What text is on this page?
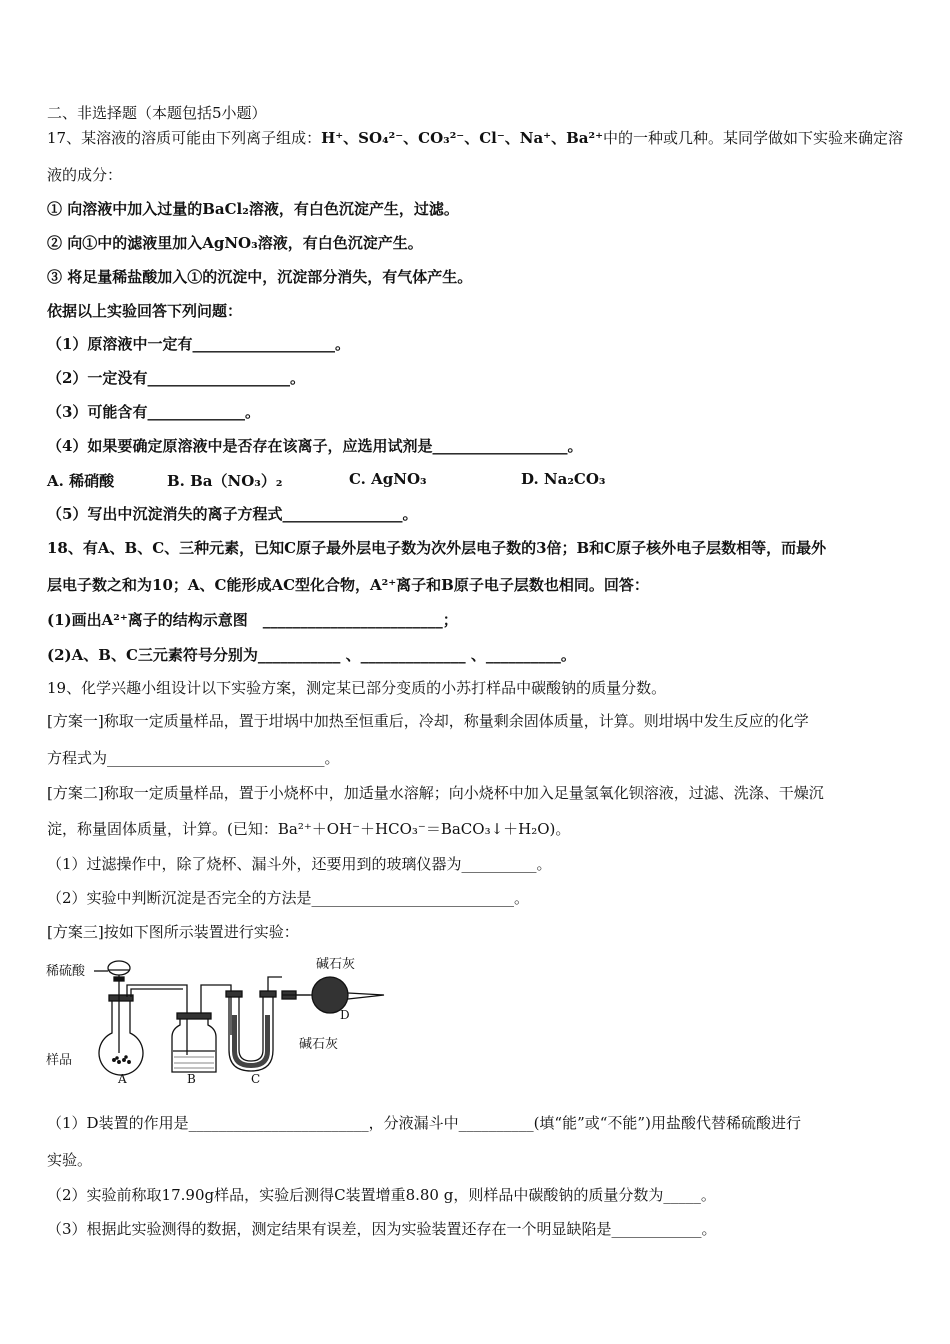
二、非选择题（本题包括5小题）
17、某溶液的溶质可能由下列离子组成：H⁺、SO₄²⁻、CO₃²⁻、Cl⁻、Na⁺、Ba²⁺中的一种或几种。某同学做如下实验来确定溶
液的成分：
① 向溶液中加入过量的BaCl₂溶液，有白色沉淀产生，过滤。
② 向①中的滤液里加入AgNO₃溶液，有白色沉淀产生。
③ 将足量稀盐酸加入①的沉淀中，沉淀部分消失，有气体产生。
依据以上实验回答下列问题：
（1）原溶液中一定有___________________。
（2）一定没有___________________。
（3）可能含有_____________。
（4）如果要确定原溶液中是否存在该离子，应选用试剂是__________________。
A. 稀硝酸	B. Ba（NO₃）₂	C. AgNO₃	D. Na₂CO₃
（5）写出中沉淀消失的离子方程式________________。
18、有A、B、C、三种元素，已知C原子最外层电子数为次外层电子数的3倍；B和C原子核外电子层数相等，而最外
层电子数之和为10；A、C能形成AC型化合物，A²⁺离子和B原子电子层数也相同。回答：
(1)画出A²⁺离子的结构示意图　________________________；
(2)A、B、C三元素符号分别为___________ 、______________ 、__________。
19、化学兴趣小组设计以下实验方案，测定某已部分变质的小苏打样品中碳酸钠的质量分数。
[方案一]称取一定质量样品，置于坩埚中加热至恒重后，冷却，称量剩余固体质量，计算。则坩埚中发生反应的化学
方程式为_____________________________。
[方案二]称取一定质量样品，置于小烧杯中，加适量水溶解；向小烧杯中加入足量氢氧化钡溶液，过滤、洗涤、干燥沉
淀，称量固体质量，计算。(已知：Ba²⁺＋OH⁻＋HCO₃⁻＝BaCO₃↓＋H₂O)。
（1）过滤操作中，除了烧杯、漏斗外，还要用到的玻璃仪器为__________。
（2）实验中判断沉淀是否完全的方法是___________________________。
[方案三]按如下图所示装置进行实验：
稀硫酸
样品
碱石灰
碱石灰
A	B	C
D
（1）D装置的作用是________________________，分液漏斗中__________(填“能”或“不能”)用盐酸代替稀硫酸进行
实验。
（2）实验前称取17.90g样品，实验后测得C装置增重8.80 g，则样品中碳酸钠的质量分数为_____。
（3）根据此实验测得的数据，测定结果有误差，因为实验装置还存在一个明显缺陷是____________。
